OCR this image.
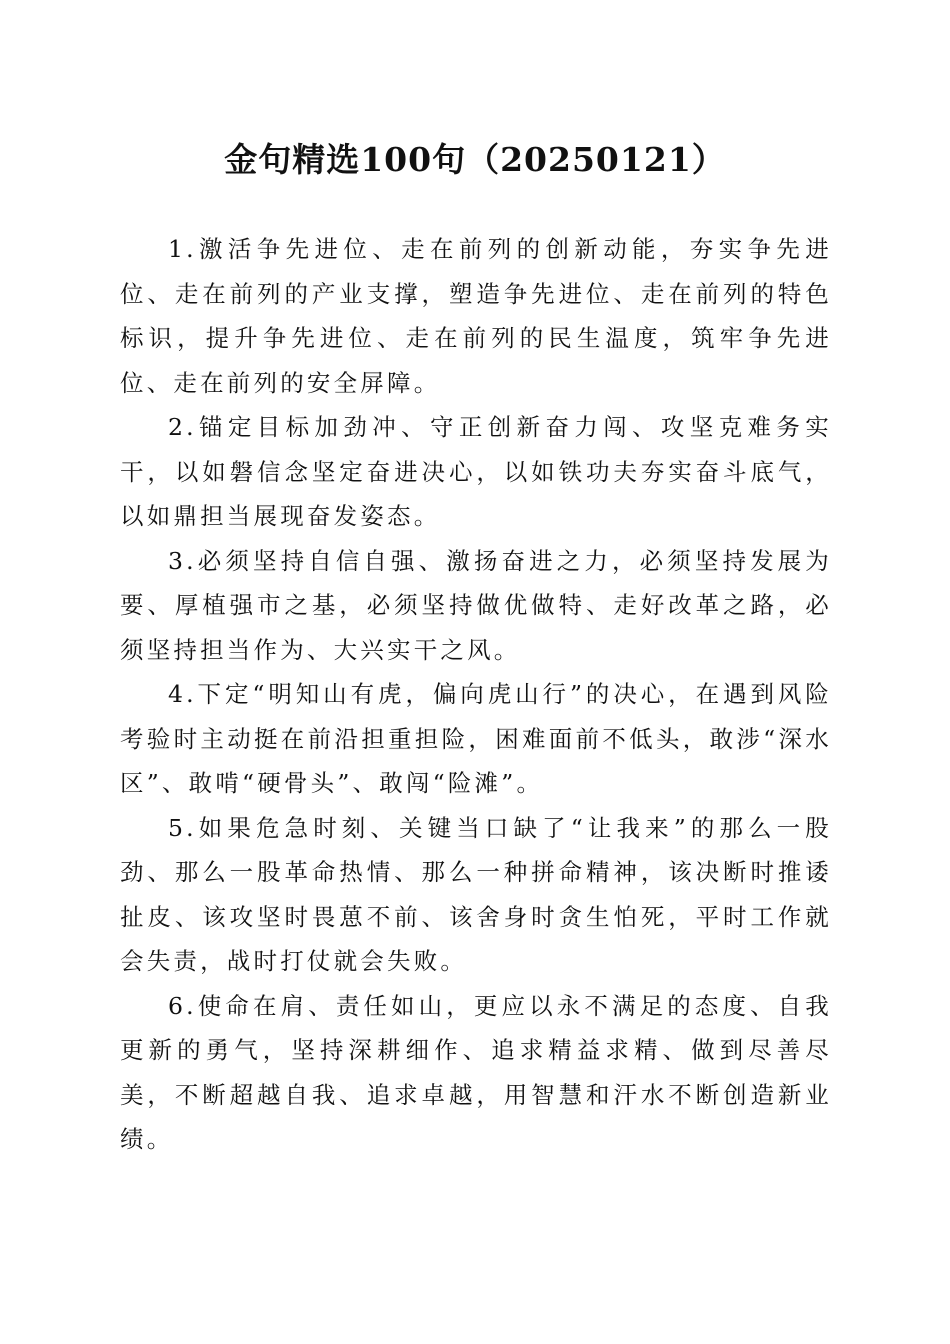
金句精选100句（20250121）

1.激活争先进位、走在前列的创新动能，夯实争先进位、走在前列的产业支撑，塑造争先进位、走在前列的特色标识，提升争先进位、走在前列的民生温度，筑牢争先进位、走在前列的安全屏障。

2.锚定目标加劲冲、守正创新奋力闯、攻坚克难务实干，以如磐信念坚定奋进决心，以如铁功夫夯实奋斗底气，以如鼎担当展现奋发姿态。

3.必须坚持自信自强、激扬奋进之力，必须坚持发展为要、厚植强市之基，必须坚持做优做特、走好改革之路，必须坚持担当作为、大兴实干之风。

4.下定“明知山有虎，偏向虎山行”的决心，在遇到风险考验时主动挺在前沿担重担险，困难面前不低头，敢涉“深水区”、敢啃“硬骨头”、敢闯“险滩”。

5.如果危急时刻、关键当口缺了“让我来”的那么一股劲、那么一股革命热情、那么一种拼命精神，该决断时推诿扯皮、该攻坚时畏葸不前、该舍身时贪生怕死，平时工作就会失责，战时打仗就会失败。

6.使命在肩、责任如山，更应以永不满足的态度、自我更新的勇气，坚持深耕细作、追求精益求精、做到尽善尽美，不断超越自我、追求卓越，用智慧和汗水不断创造新业绩。
